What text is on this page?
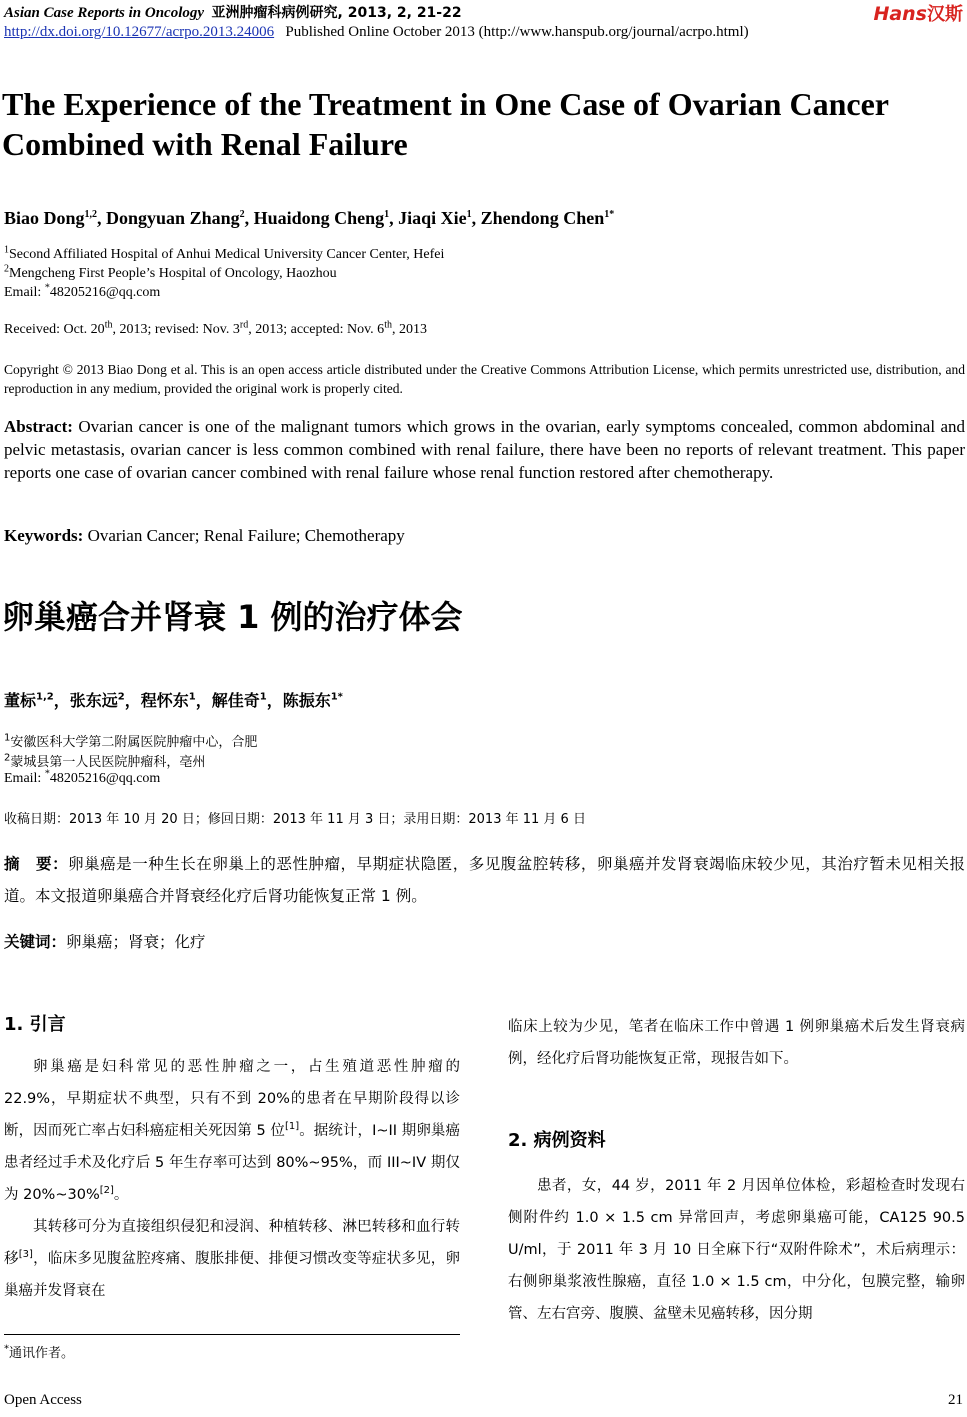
Asian Case Reports in Oncology 亚洲肿瘤科病例研究, 2013, 2, 21-22	Hans汉斯
http://dx.doi.org/10.12677/acrpo.2013.24006 Published Online October 2013 (http://www.hanspub.org/journal/acrpo.html)
The Experience of the Treatment in One Case of Ovarian Cancer Combined with Renal Failure
Biao Dong$^{1,2}$, Dongyuan Zhang$^2$, Huaidong Cheng$^1$, Jiaqi Xie$^1$, Zhendong Chen$^{1*}$
$^1$Second Affiliated Hospital of Anhui Medical University Cancer Center, Hefei
$^2$Mengcheng First People’s Hospital of Oncology, Haozhou
Email: *48205216@qq.com
Received: Oct. 20th, 2013; revised: Nov. 3rd, 2013; accepted: Nov. 6th, 2013
Copyright © 2013 Biao Dong et al. This is an open access article distributed under the Creative Commons Attribution License, which permits unrestricted use, distribution, and reproduction in any medium, provided the original work is properly cited.
Abstract: Ovarian cancer is one of the malignant tumors which grows in the ovarian, early symptoms concealed, common abdominal and pelvic metastasis, ovarian cancer is less common combined with renal failure, there have been no reports of relevant treatment. This paper reports one case of ovarian cancer combined with renal failure whose renal function restored after chemotherapy.
Keywords: Ovarian Cancer; Renal Failure; Chemotherapy
卵巢癌合并肾衰 1 例的治疗体会
董标$^{1,2}$，张东远$^2$，程怀东$^1$，解佳奇$^1$，陈振东$^{1*}$
$^1$安徽医科大学第二附属医院肿瘤中心，合肥
$^2$蒙城县第一人民医院肿瘤科，亳州
Email: *48205216@qq.com
收稿日期：2013 年 10 月 20 日；修回日期：2013 年 11 月 3 日；录用日期：2013 年 11 月 6 日
摘　要：卵巢癌是一种生长在卵巢上的恶性肿瘤，早期症状隐匿，多见腹盆腔转移，卵巢癌并发肾衰竭临床较少见，其治疗暂未见相关报道。本文报道卵巢癌合并肾衰经化疗后肾功能恢复正常 1 例。
关键词：卵巢癌；肾衰；化疗
1. 引言

卵巢癌是妇科常见的恶性肿瘤之一，占生殖道恶性肿瘤的 22.9%，早期症状不典型，只有不到 20%的患者在早期阶段得以诊断，因而死亡率占妇科癌症相关死因第 5 位[1]。据统计，I~II 期卵巢癌患者经过手术及化疗后 5 年生存率可达到 80%~95%，而 III~IV 期仅为 20%~30%[2]。

其转移可分为直接组织侵犯和浸润、种植转移、淋巴转移和血行转移[3]，临床多见腹盆腔疼痛、腹胀排便、排便习惯改变等症状多见，卵巢癌并发肾衰在

*通讯作者。

临床上较为少见，笔者在临床工作中曾遇 1 例卵巢癌术后发生肾衰病例，经化疗后肾功能恢复正常，现报告如下。

2. 病例资料

患者，女，44 岁，2011 年 2 月因单位体检，彩超检查时发现右侧附件约 1.0 × 1.5 cm 异常回声，考虑卵巢癌可能，CA125 90.5 U/ml，于 2011 年 3 月 10 日全麻下行“双附件除术”，术后病理示：右侧卵巢浆液性腺癌，直径 1.0 × 1.5 cm，中分化，包膜完整，输卵管、左右宫旁、腹膜、盆壁未见癌转移，因分期

Open Access	21
